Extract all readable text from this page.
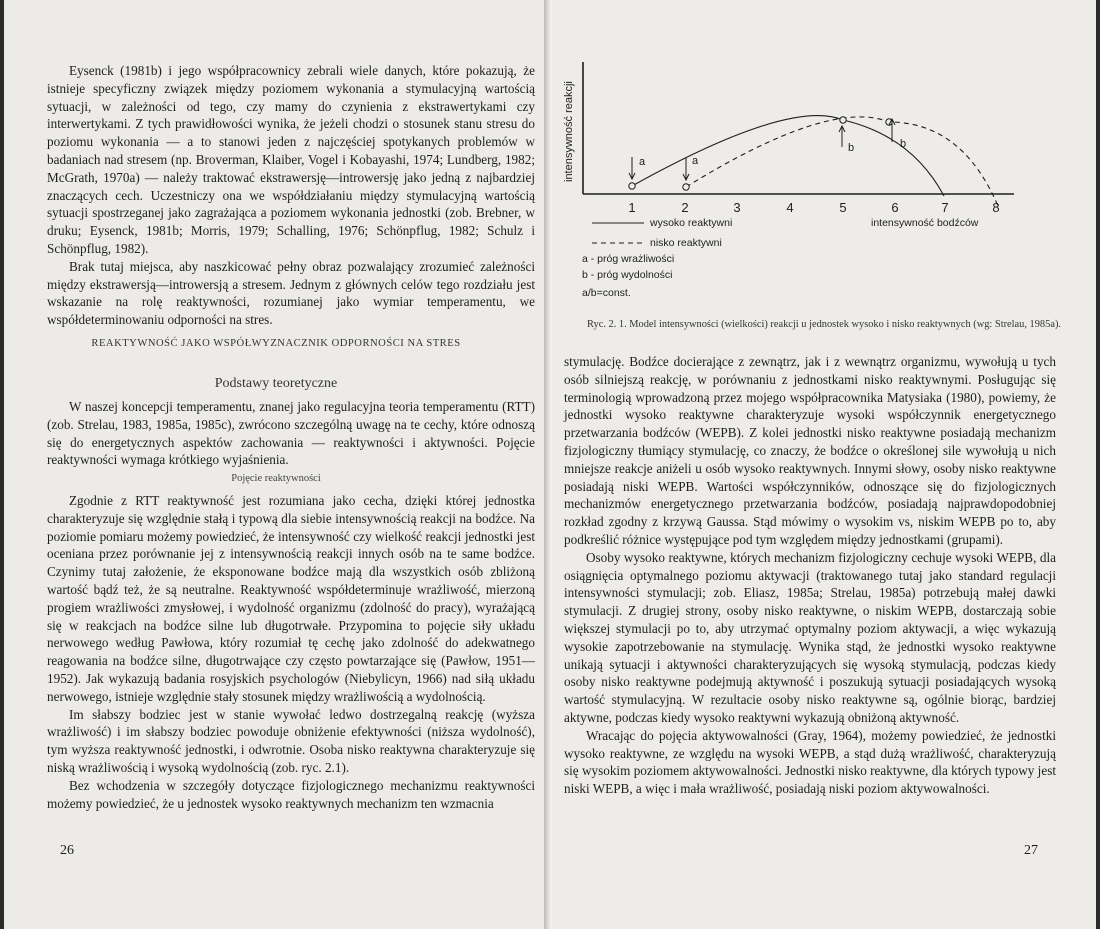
Eysenck (1981b) i jego współpracownicy zebrali wiele danych, które pokazują, że istnieje specyficzny związek między poziomem wykonania a stymulacyjną wartością sytuacji, w zależności od tego, czy mamy do czynienia z ekstrawertykami czy interwertykami. Z tych prawidłowości wynika, że jeżeli chodzi o stosunek stanu stresu do poziomu wykonania — a to stanowi jeden z najczęściej spotykanych problemów w badaniach nad stresem (np. Broverman, Klaiber, Vogel i Kobayashi, 1974; Lundberg, 1982; McGrath, 1970a) — należy traktować ekstrawersję—introwersję jako jedną z najbardziej znaczących cech. Uczestniczy ona we współdziałaniu między stymulacyjną wartością sytuacji spostrzeganej jako zagrażająca a poziomem wykonania jednostki (zob. Brebner, w druku; Eysenck, 1981b; Morris, 1979; Schalling, 1976; Schönpflug, 1982; Schulz i Schönpflug, 1982).

Brak tutaj miejsca, aby naszkicować pełny obraz pozwalający zrozumieć zależności między ekstrawersją—introwersją a stresem. Jednym z głównych celów tego rozdziału jest wskazanie na rolę reaktywności, rozumianej jako wymiar temperamentu, we współdeterminowaniu odporności na stres.

REAKTYWNOŚĆ JAKO WSPÓŁWYZNACZNIK ODPORNOŚCI NA STRES
Podstawy teoretyczne

W naszej koncepcji temperamentu, znanej jako regulacyjna teoria temperamentu (RTT) (zob. Strelau, 1983, 1985a, 1985c), zwrócono szczególną uwagę na te cechy, które odnoszą się do energetycznych aspektów zachowania — reaktywności i aktywności. Pojęcie reaktywności wymaga krótkiego wyjaśnienia.

Pojęcie reaktywności

Zgodnie z RTT reaktywność jest rozumiana jako cecha, dzięki której jednostka charakteryzuje się względnie stałą i typową dla siebie intensywnością reakcji na bodźce. Na poziomie pomiaru możemy powiedzieć, że intensywność czy wielkość reakcji jednostki jest oceniana przez porównanie jej z intensywnością reakcji innych osób na te same bodźce. Czynimy tutaj założenie, że eksponowane bodźce mają dla wszystkich osób zbliżoną wartość bądź też, że są neutralne. Reaktywność współdeterminuje wrażliwość, mierzoną progiem wrażliwości zmysłowej, i wydolność organizmu (zdolność do pracy), wyrażającą się w reakcjach na bodźce silne lub długotrwałe. Przypomina to pojęcie siły układu nerwowego według Pawłowa, który rozumiał tę cechę jako zdolność do adekwatnego reagowania na bodźce silne, długotrwające czy często powtarzające się (Pawłow, 1951—1952). Jak wykazują badania rosyjskich psychologów (Niebylicyn, 1966) nad siłą układu nerwowego, istnieje względnie stały stosunek między wrażliwością a wydolnością.

Im słabszy bodziec jest w stanie wywołać ledwo dostrzegalną reakcję (wyższa wrażliwość) i im słabszy bodziec powoduje obniżenie efektywności (niższa wydolność), tym wyższa reaktywność jednostki, i odwrotnie. Osoba nisko reaktywna charakteryzuje się niską wrażliwością i wysoką wydolnością (zob. ryc. 2.1).

Bez wchodzenia w szczegóły dotyczące fizjologicznego mechanizmu reaktywności możemy powiedzieć, że u jednostek wysoko reaktywnych mechanizm ten wzmacnia

26
intensywność reakcji	a	a
b	b
1	2	3	4	5	6	7	8
wysoko reaktywni	intensywność bodźców
nisko reaktywni
a - próg wrażliwości
b - próg wydolności
a/b=const.
Ryc. 2. 1. Model intensywności (wielkości) reakcji u jednostek wysoko i nisko reaktywnych (wg: Strelau, 1985a).

stymulację. Bodźce docierające z zewnątrz, jak i z wewnątrz organizmu, wywołują u tych osób silniejszą reakcję, w porównaniu z jednostkami nisko reaktywnymi. Posługując się terminologią wprowadzoną przez mojego współpracownika Matysiaka (1980), powiemy, że jednostki wysoko reaktywne charakteryzuje wysoki współczynnik energetycznego przetwarzania bodźców (WEPB). Z kolei jednostki nisko reaktywne posiadają mechanizm fizjologiczny tłumiący stymulację, co znaczy, że bodźce o określonej sile wywołują u nich mniejsze reakcje aniżeli u osób wysoko reaktywnych. Innymi słowy, osoby nisko reaktywne posiadają niski WEPB. Wartości współczynników, odnoszące się do fizjologicznych mechanizmów energetycznego przetwarzania bodźców, posiadają najprawdopodobniej rozkład zgodny z krzywą Gaussa. Stąd mówimy o wysokim vs, niskim WEPB po to, aby podkreślić różnice występujące pod tym względem między jednostkami (grupami).

Osoby wysoko reaktywne, których mechanizm fizjologiczny cechuje wysoki WEPB, dla osiągnięcia optymalnego poziomu aktywacji (traktowanego tutaj jako standard regulacji intensywności stymulacji; zob. Eliasz, 1985a; Strelau, 1985a) potrzebują małej dawki stymulacji. Z drugiej strony, osoby nisko reaktywne, o niskim WEPB, dostarczają sobie większej stymulacji po to, aby utrzymać optymalny poziom aktywacji, a więc wykazują wysokie zapotrzebowanie na stymulację. Wynika stąd, że jednostki wysoko reaktywne unikają sytuacji i aktywności charakteryzujących się wysoką stymulacją, podczas kiedy osoby nisko reaktywne podejmują aktywność i poszukują sytuacji posiadających wysoką wartość stymulacyjną. W rezultacie osoby nisko reaktywne są, ogólnie biorąc, bardziej aktywne, podczas kiedy wysoko reaktywni wykazują obniżoną aktywność.

Wracając do pojęcia aktywowalności (Gray, 1964), możemy powiedzieć, że jednostki wysoko reaktywne, ze względu na wysoki WEPB, a stąd dużą wrażliwość, charakteryzują się wysokim poziomem aktywowalności. Jednostki nisko reaktywne, dla których typowy jest niski WEPB, a więc i mała wrażliwość, posiadają niski poziom aktywowalności.

27
